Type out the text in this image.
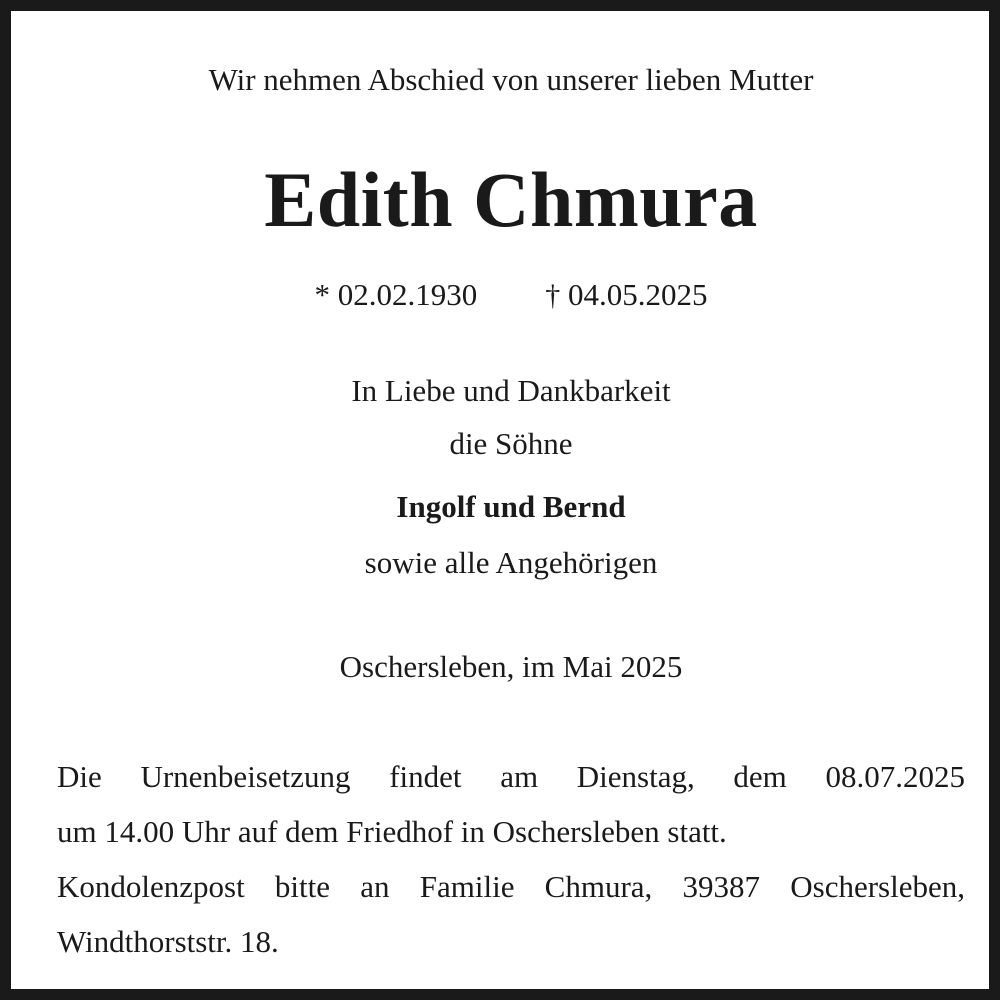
Wir nehmen Abschied von unserer lieben Mutter
Edith Chmura
* 02.02.1930 † 04.05.2025
In Liebe und Dankbarkeit
die Söhne
Ingolf und Bernd
sowie alle Angehörigen
Oschersleben, im Mai 2025
Die Urnenbeisetzung findet am Dienstag, dem 08.07.2025
um 14.00 Uhr auf dem Friedhof in Oschersleben statt.
Kondolenzpost bitte an Familie Chmura, 39387 Oschersleben,
Windthorststr. 18.
